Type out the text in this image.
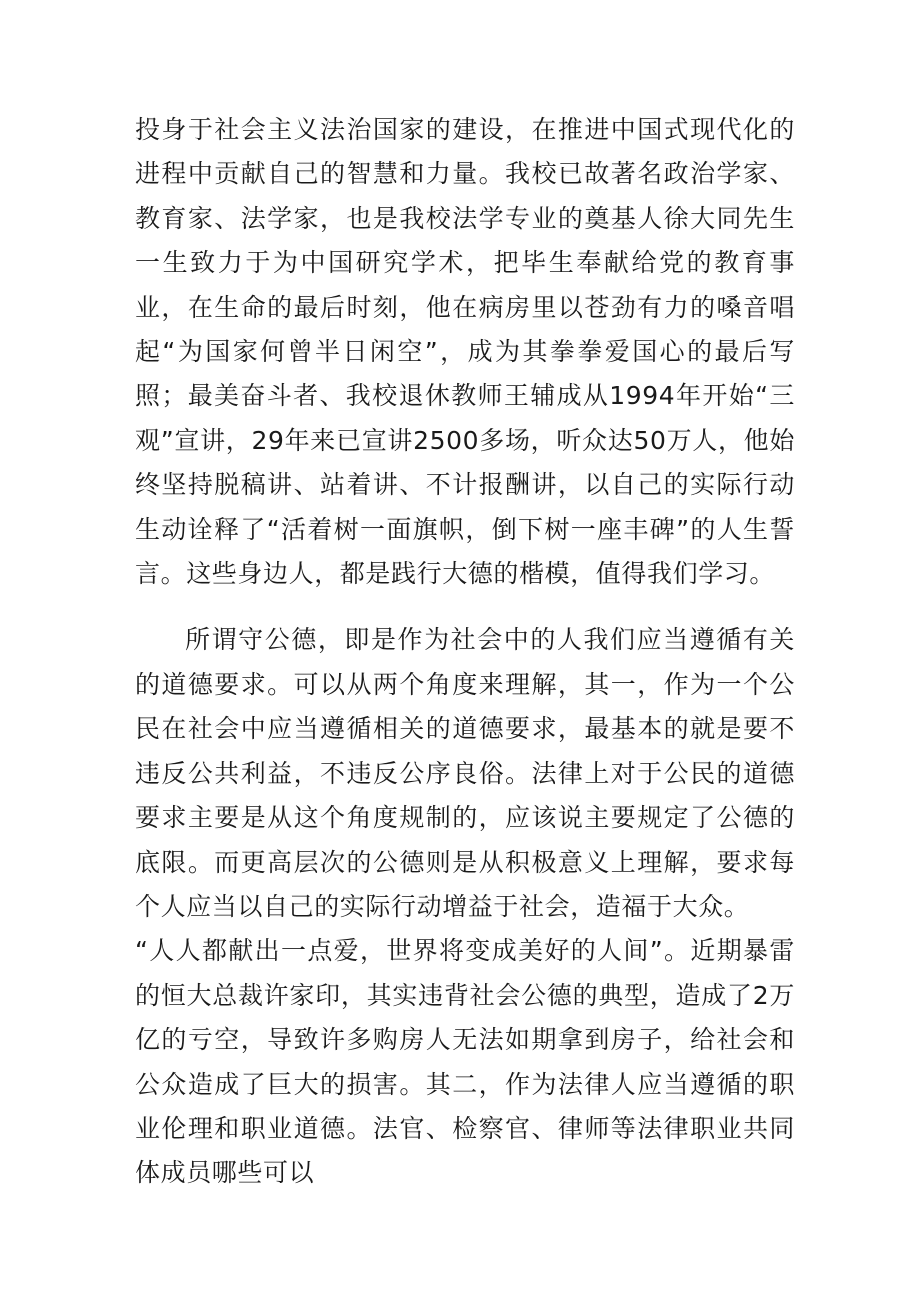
投身于社会主义法治国家的建设，在推进中国式现代化的进程中贡献自己的智慧和力量。我校已故著名政治学家、教育家、法学家，也是我校法学专业的奠基人徐大同先生一生致力于为中国研究学术，把毕生奉献给党的教育事业，在生命的最后时刻，他在病房里以苍劲有力的嗓音唱起“为国家何曾半日闲空”，成为其拳拳爱国心的最后写照；最美奋斗者、我校退休教师王辅成从1994年开始“三观”宣讲，29年来已宣讲2500多场，听众达50万人，他始终坚持脱稿讲、站着讲、不计报酬讲，以自己的实际行动生动诠释了“活着树一面旗帜，倒下树一座丰碑”的人生誓言。这些身边人，都是践行大德的楷模，值得我们学习。

所谓守公德，即是作为社会中的人我们应当遵循有关的道德要求。可以从两个角度来理解，其一，作为一个公民在社会中应当遵循相关的道德要求，最基本的就是要不违反公共利益，不违反公序良俗。法律上对于公民的道德要求主要是从这个角度规制的，应该说主要规定了公德的底限。而更高层次的公德则是从积极意义上理解，要求每个人应当以自己的实际行动增益于社会，造福于大众。

“人人都献出一点爱，世界将变成美好的人间”。近期暴雷的恒大总裁许家印，其实违背社会公德的典型，造成了2万亿的亏空，导致许多购房人无法如期拿到房子，给社会和公众造成了巨大的损害。其二，作为法律人应当遵循的职业伦理和职业道德。法官、检察官、律师等法律职业共同体成员哪些可以
